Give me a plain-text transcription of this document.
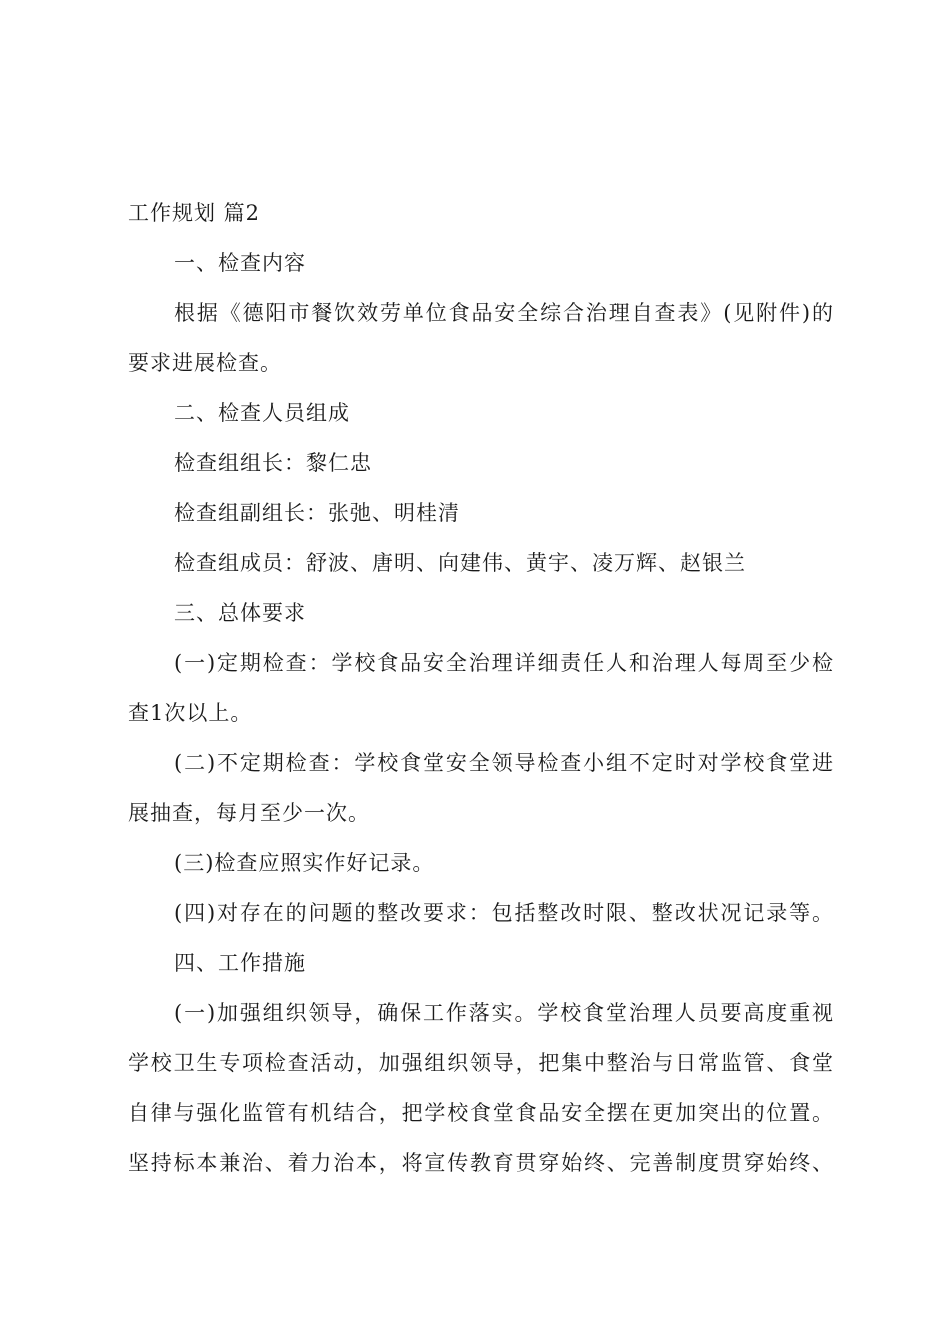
工作规划 篇2
一、检查内容
根据《德阳市餐饮效劳单位食品安全综合治理自查表》(见附件)的
要求进展检查。
二、检查人员组成
检查组组长：黎仁忠
检查组副组长：张弛、明桂清
检查组成员：舒波、唐明、向建伟、黄宇、凌万辉、赵银兰
三、总体要求
(一)定期检查：学校食品安全治理详细责任人和治理人每周至少检
查1次以上。
(二)不定期检查：学校食堂安全领导检查小组不定时对学校食堂进
展抽查，每月至少一次。
(三)检查应照实作好记录。
(四)对存在的问题的整改要求：包括整改时限、整改状况记录等。
四、工作措施
(一)加强组织领导，确保工作落实。学校食堂治理人员要高度重视
学校卫生专项检查活动，加强组织领导，把集中整治与日常监管、食堂
自律与强化监管有机结合，把学校食堂食品安全摆在更加突出的位置。
坚持标本兼治、着力治本，将宣传教育贯穿始终、完善制度贯穿始终、
